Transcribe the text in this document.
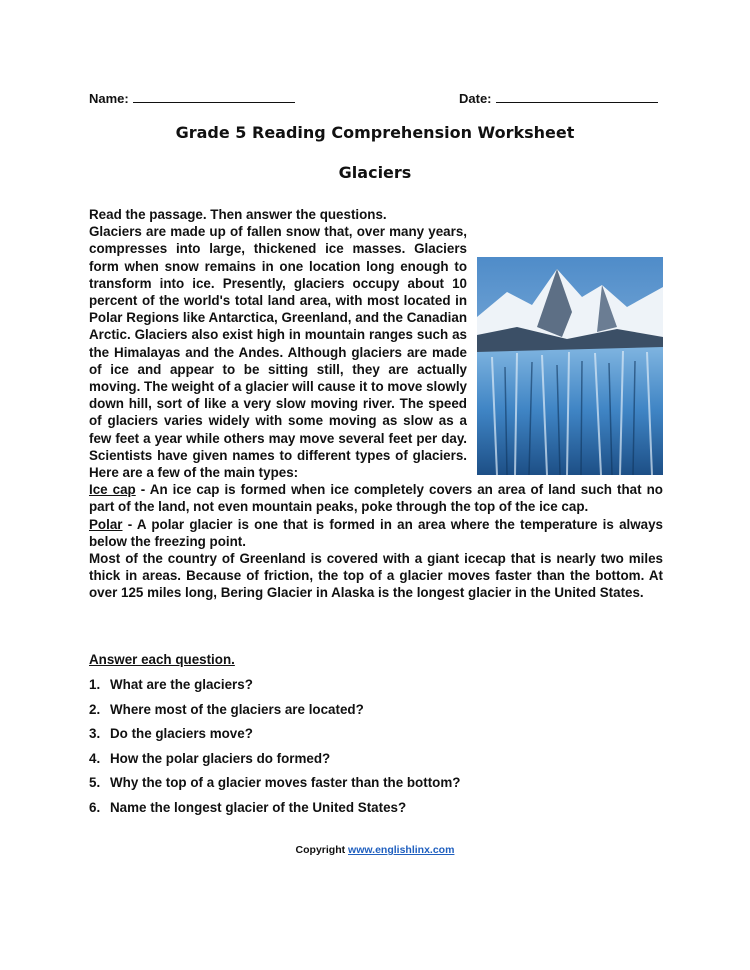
Name:	Date:
Grade 5 Reading Comprehension Worksheet
Glaciers

Read the passage. Then answer the questions.

Glaciers are made up of fallen snow that, over many years, compresses into large, thickened ice masses. Glaciers form when snow remains in one location long enough to transform into ice. Presently, glaciers occupy about 10 percent of the world's total land area, with most located in Polar Regions like Antarctica, Greenland, and the Canadian Arctic. Glaciers also exist high in mountain ranges such as the Himalayas and the Andes. Although glaciers are made of ice and appear to be sitting still, they are actually moving. The weight of a glacier will cause it to move slowly down hill, sort of like a very slow moving river. The speed of glaciers varies widely with some moving as slow as a few feet a year while others may move several feet per day. Scientists have given names to different types of glaciers. Here are a few of the main types:
Ice cap - An ice cap is formed when ice completely covers an area of land such that no part of the land, not even mountain peaks, poke through the top of the ice cap.
Polar - A polar glacier is one that is formed in an area where the temperature is always below the freezing point.
Most of the country of Greenland is covered with a giant icecap that is nearly two miles thick in areas. Because of friction, the top of a glacier moves faster than the bottom. At over 125 miles long, Bering Glacier in Alaska is the longest glacier in the United States.

Answer each question.
1. What are the glaciers?
2. Where most of the glaciers are located?
3. Do the glaciers move?
4. How the polar glaciers do formed?
5. Why the top of a glacier moves faster than the bottom?
6. Name the longest glacier of the United States?
Copyright www.englishlinx.com
